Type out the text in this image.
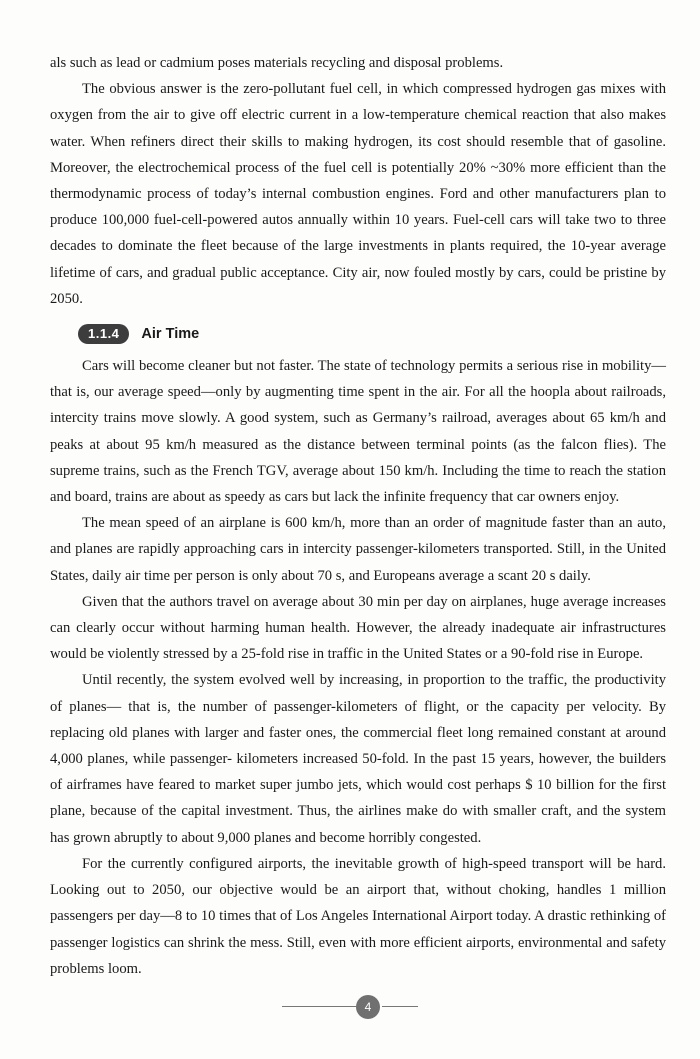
als such as lead or cadmium poses materials recycling and disposal problems.

The obvious answer is the zero-pollutant fuel cell, in which compressed hydrogen gas mixes with oxygen from the air to give off electric current in a low-temperature chemical reaction that also makes water. When refiners direct their skills to making hydrogen, its cost should resemble that of gasoline. Moreover, the electrochemical process of the fuel cell is potentially 20% ~30% more efficient than the thermodynamic process of today’s internal combustion engines. Ford and other manufacturers plan to produce 100,000 fuel-cell-powered autos annually within 10 years. Fuel-cell cars will take two to three decades to dominate the fleet because of the large investments in plants required, the 10-year average lifetime of cars, and gradual public acceptance. City air, now fouled mostly by cars, could be pristine by 2050.

1.1.4	Air Time

Cars will become cleaner but not faster. The state of technology permits a serious rise in mobility—that is, our average speed—only by augmenting time spent in the air. For all the hoopla about railroads, intercity trains move slowly. A good system, such as Germany’s railroad, averages about 65 km/h and peaks at about 95 km/h measured as the distance between terminal points (as the falcon flies). The supreme trains, such as the French TGV, average about 150 km/h. Including the time to reach the station and board, trains are about as speedy as cars but lack the infinite frequency that car owners enjoy.

The mean speed of an airplane is 600 km/h, more than an order of magnitude faster than an auto, and planes are rapidly approaching cars in intercity passenger-kilometers transported. Still, in the United States, daily air time per person is only about 70 s, and Europeans average a scant 20 s daily.

Given that the authors travel on average about 30 min per day on airplanes, huge average increases can clearly occur without harming human health. However, the already inadequate air infrastructures would be violently stressed by a 25-fold rise in traffic in the United States or a 90-fold rise in Europe.

Until recently, the system evolved well by increasing, in proportion to the traffic, the productivity of planes— that is, the number of passenger-kilometers of flight, or the capacity per velocity. By replacing old planes with larger and faster ones, the commercial fleet long remained constant at around 4,000 planes, while passenger- kilometers increased 50-fold. In the past 15 years, however, the builders of airframes have feared to market super jumbo jets, which would cost perhaps $ 10 billion for the first plane, because of the capital investment. Thus, the airlines make do with smaller craft, and the system has grown abruptly to about 9,000 planes and become horribly congested.

For the currently configured airports, the inevitable growth of high-speed transport will be hard. Looking out to 2050, our objective would be an airport that, without choking, handles 1 million passengers per day—8 to 10 times that of Los Angeles International Airport today. A drastic rethinking of passenger logistics can shrink the mess. Still, even with more efficient airports, environmental and safety problems loom.

4
